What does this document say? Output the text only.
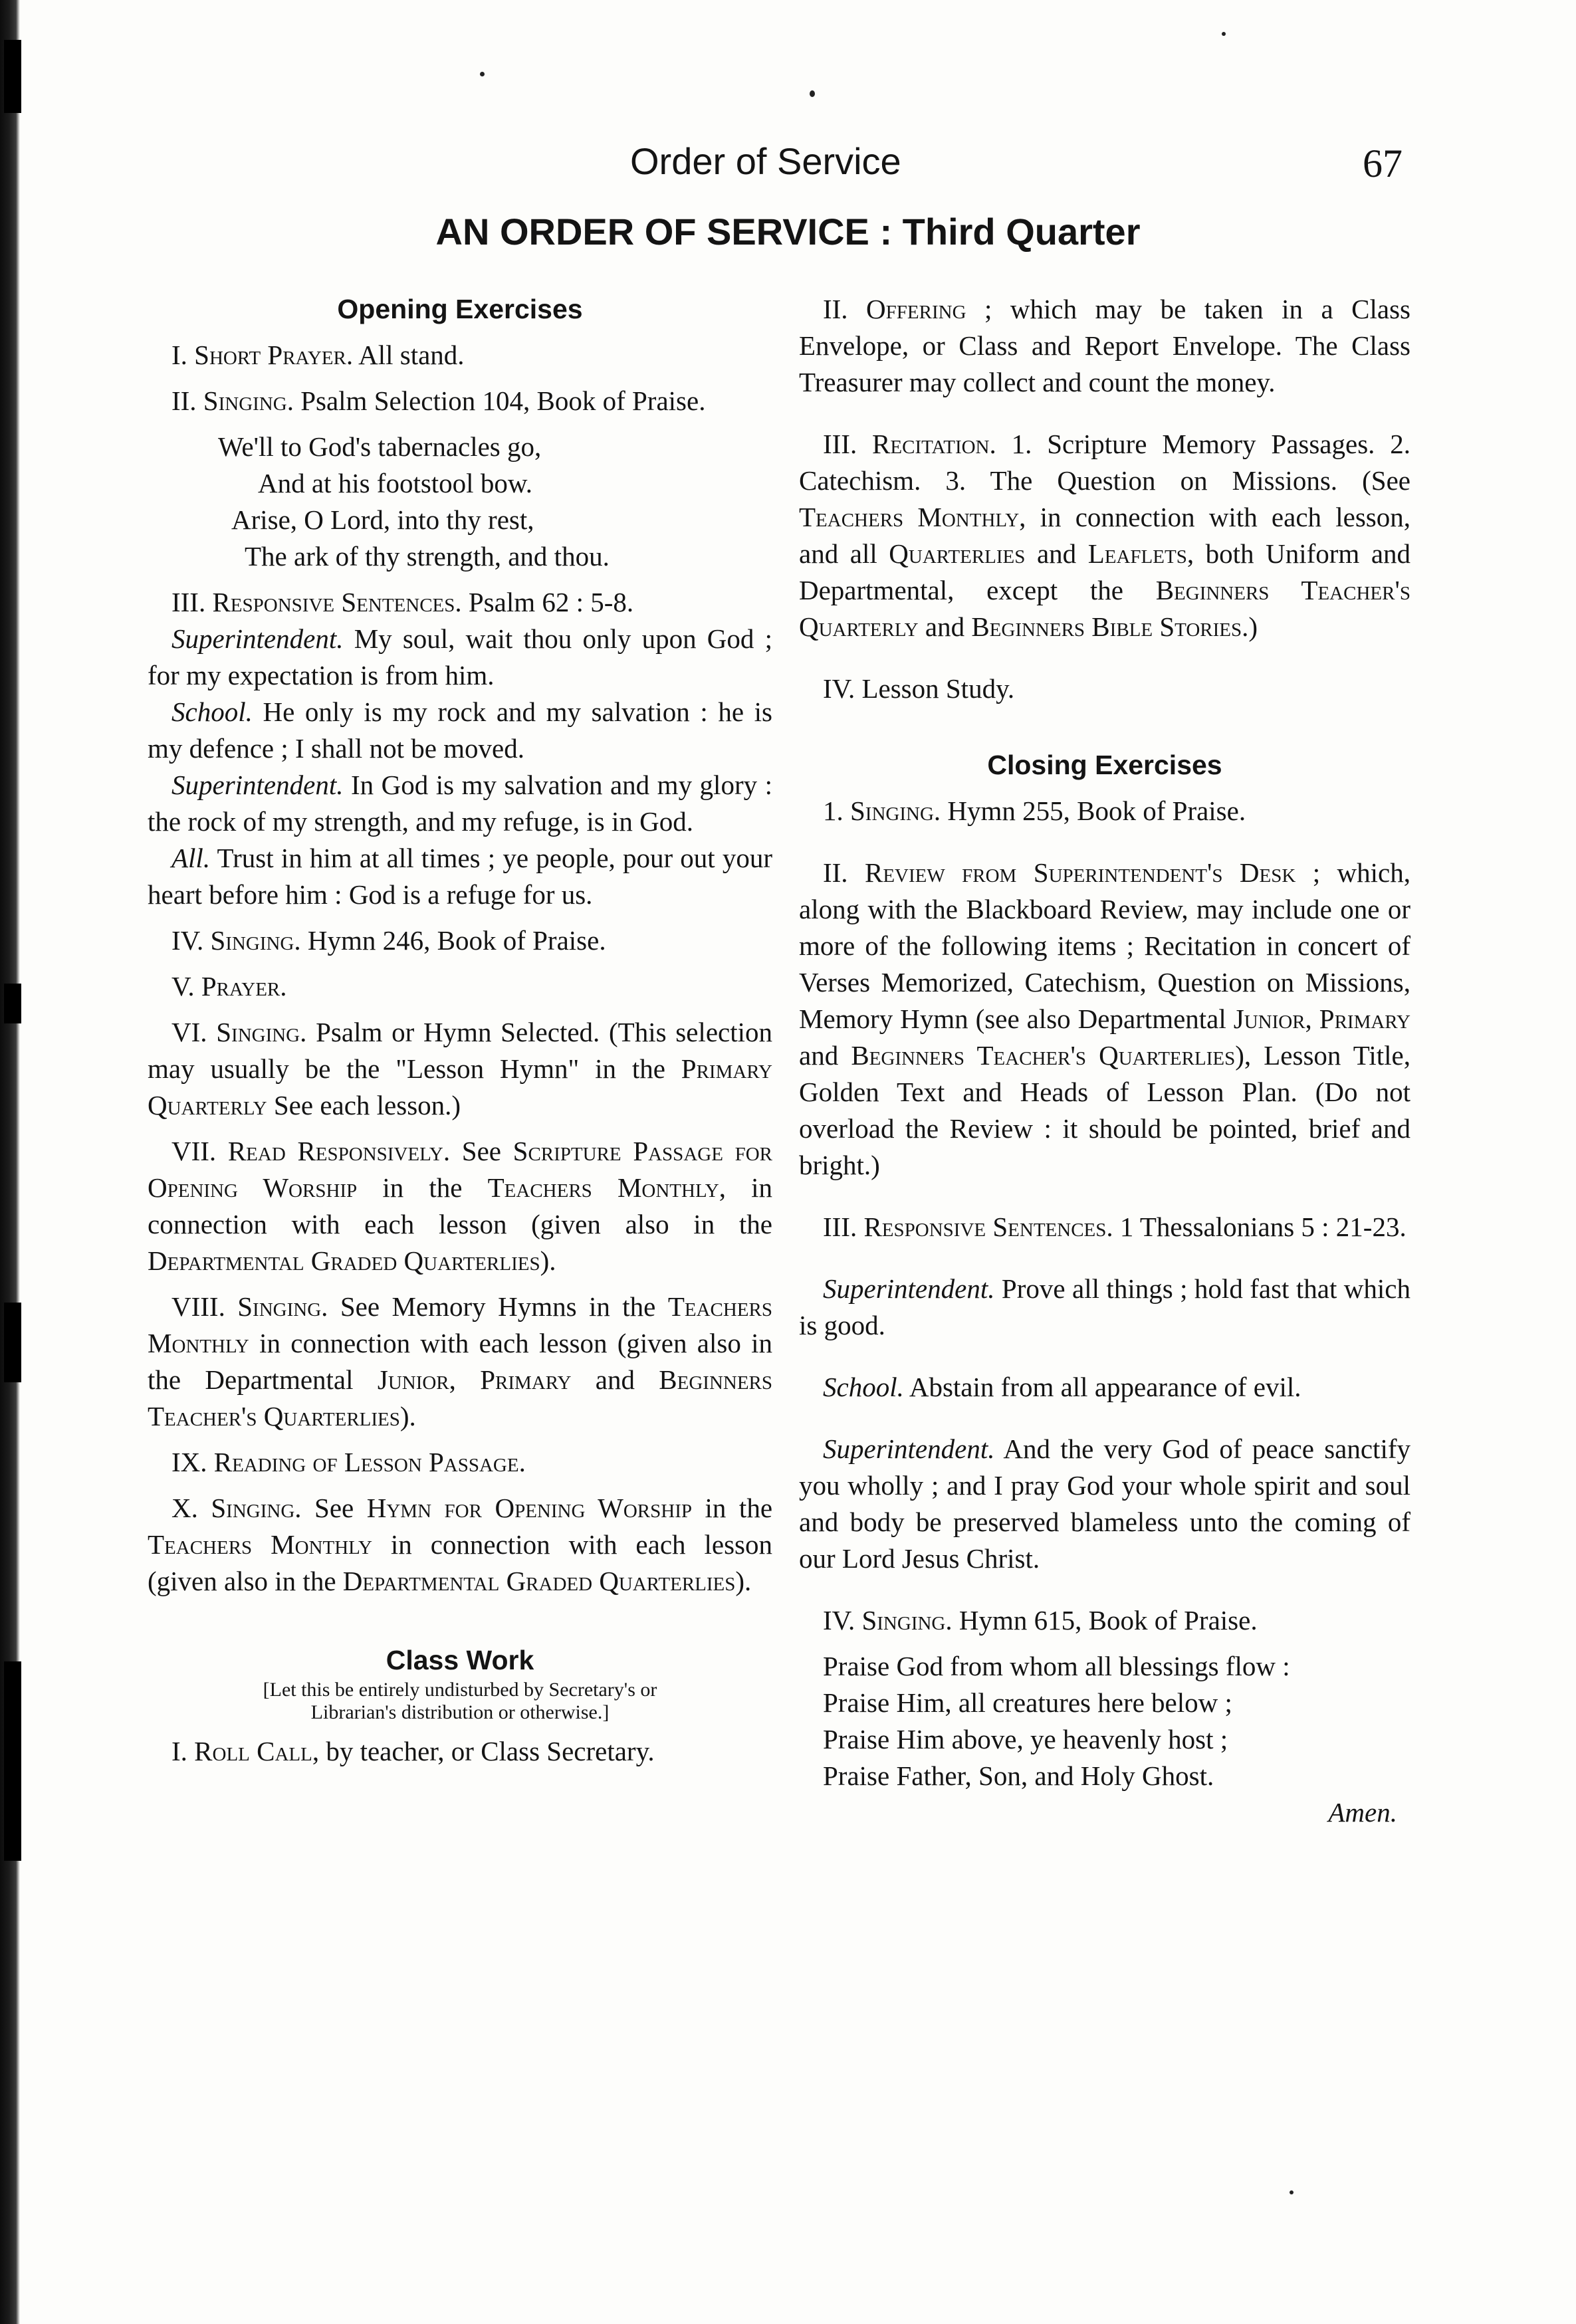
Order of Service	67
AN ORDER OF SERVICE : Third Quarter
Opening Exercises
I. Short Prayer. All stand.
II. Singing. Psalm Selection 104, Book of Praise.
We'll to God's tabernacles go,
And at his footstool bow.
Arise, O Lord, into thy rest,
The ark of thy strength, and thou.
III. Responsive Sentences. Psalm 62 : 5-8.
Superintendent. My soul, wait thou only upon God ; for my expectation is from him.
School. He only is my rock and my salvation : he is my defence ; I shall not be moved.
Superintendent. In God is my salvation and my glory : the rock of my strength, and my refuge, is in God.
All. Trust in him at all times ; ye people, pour out your heart before him : God is a refuge for us.
IV. Singing. Hymn 246, Book of Praise.
V. Prayer.
VI. Singing. Psalm or Hymn Selected. (This selection may usually be the "Lesson Hymn" in the Primary Quarterly See each lesson.)
VII. Read Responsively. See Scripture Passage for Opening Worship in the Teachers Monthly, in connection with each lesson (given also in the Departmental Graded Quarterlies).
VIII. Singing. See Memory Hymns in the Teachers Monthly in connection with each lesson (given also in the Departmental Junior, Primary and Beginners Teacher's Quarterlies).
IX. Reading of Lesson Passage.
X. Singing. See Hymn for Opening Worship in the Teachers Monthly in connection with each lesson (given also in the Departmental Graded Quarterlies).
Class Work
[Let this be entirely undisturbed by Secretary's or
Librarian's distribution or otherwise.]
I. Roll Call, by teacher, or Class Secretary.
II. Offering ; which may be taken in a Class Envelope, or Class and Report Envelope. The Class Treasurer may collect and count the money.
III. Recitation. 1. Scripture Memory Passages. 2. Catechism. 3. The Question on Missions. (See Teachers Monthly, in connection with each lesson, and all Quarterlies and Leaflets, both Uniform and Departmental, except the Beginners Teacher's Quarterly and Beginners Bible Stories.)
IV. Lesson Study.
Closing Exercises
1. Singing. Hymn 255, Book of Praise.
II. Review from Superintendent's Desk ; which, along with the Blackboard Review, may include one or more of the following items ; Recitation in concert of Verses Memorized, Catechism, Question on Missions, Memory Hymn (see also Departmental Junior, Primary and Beginners Teacher's Quarterlies), Lesson Title, Golden Text and Heads of Lesson Plan. (Do not overload the Review : it should be pointed, brief and bright.)
III. Responsive Sentences. 1 Thessalonians 5 : 21-23.
Superintendent. Prove all things ; hold fast that which is good.
School. Abstain from all appearance of evil.
Superintendent. And the very God of peace sanctify you wholly ; and I pray God your whole spirit and soul and body be preserved blameless unto the coming of our Lord Jesus Christ.
IV. Singing. Hymn 615, Book of Praise.
Praise God from whom all blessings flow :
Praise Him, all creatures here below ;
Praise Him above, ye heavenly host ;
Praise Father, Son, and Holy Ghost.
Amen.
